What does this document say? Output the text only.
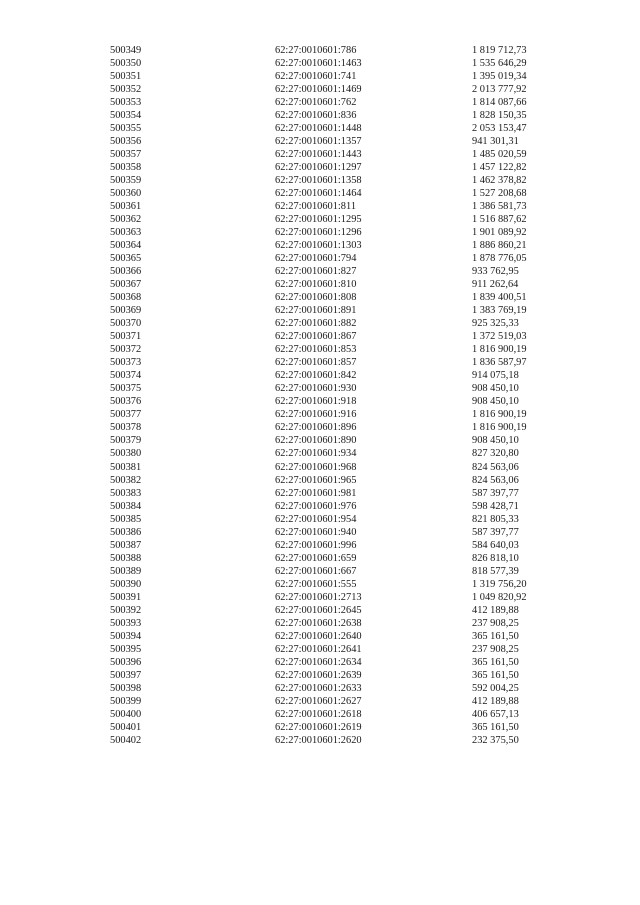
500349	62:27:0010601:786	1 819 712,73
500350	62:27:0010601:1463	1 535 646,29
500351	62:27:0010601:741	1 395 019,34
500352	62:27:0010601:1469	2 013 777,92
500353	62:27:0010601:762	1 814 087,66
500354	62:27:0010601:836	1 828 150,35
500355	62:27:0010601:1448	2 053 153,47
500356	62:27:0010601:1357	941 301,31
500357	62:27:0010601:1443	1 485 020,59
500358	62:27:0010601:1297	1 457 122,82
500359	62:27:0010601:1358	1 462 378,82
500360	62:27:0010601:1464	1 527 208,68
500361	62:27:0010601:811	1 386 581,73
500362	62:27:0010601:1295	1 516 887,62
500363	62:27:0010601:1296	1 901 089,92
500364	62:27:0010601:1303	1 886 860,21
500365	62:27:0010601:794	1 878 776,05
500366	62:27:0010601:827	933 762,95
500367	62:27:0010601:810	911 262,64
500368	62:27:0010601:808	1 839 400,51
500369	62:27:0010601:891	1 383 769,19
500370	62:27:0010601:882	925 325,33
500371	62:27:0010601:867	1 372 519,03
500372	62:27:0010601:853	1 816 900,19
500373	62:27:0010601:857	1 836 587,97
500374	62:27:0010601:842	914 075,18
500375	62:27:0010601:930	908 450,10
500376	62:27:0010601:918	908 450,10
500377	62:27:0010601:916	1 816 900,19
500378	62:27:0010601:896	1 816 900,19
500379	62:27:0010601:890	908 450,10
500380	62:27:0010601:934	827 320,80
500381	62:27:0010601:968	824 563,06
500382	62:27:0010601:965	824 563,06
500383	62:27:0010601:981	587 397,77
500384	62:27:0010601:976	598 428,71
500385	62:27:0010601:954	821 805,33
500386	62:27:0010601:940	587 397,77
500387	62:27:0010601:996	584 640,03
500388	62:27:0010601:659	826 818,10
500389	62:27:0010601:667	818 577,39
500390	62:27:0010601:555	1 319 756,20
500391	62:27:0010601:2713	1 049 820,92
500392	62:27:0010601:2645	412 189,88
500393	62:27:0010601:2638	237 908,25
500394	62:27:0010601:2640	365 161,50
500395	62:27:0010601:2641	237 908,25
500396	62:27:0010601:2634	365 161,50
500397	62:27:0010601:2639	365 161,50
500398	62:27:0010601:2633	592 004,25
500399	62:27:0010601:2627	412 189,88
500400	62:27:0010601:2618	406 657,13
500401	62:27:0010601:2619	365 161,50
500402	62:27:0010601:2620	232 375,50
